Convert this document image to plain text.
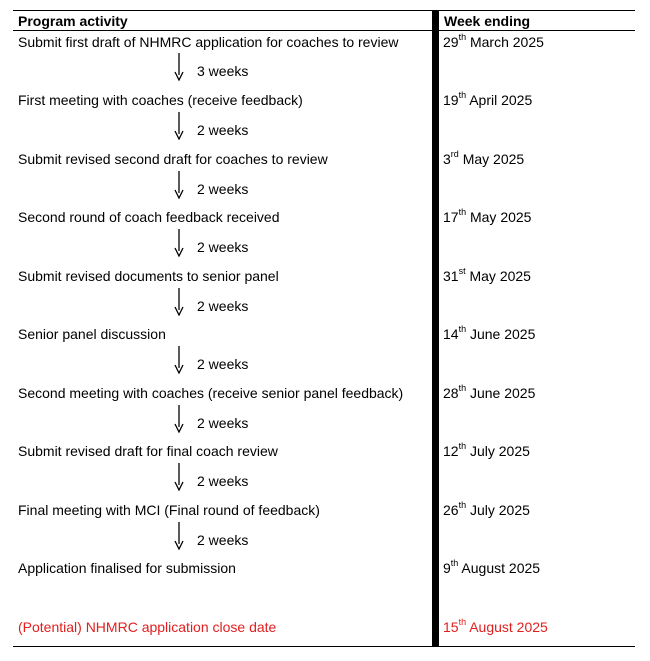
Program activity	Week ending
Submit first draft of NHMRC application for coaches to review	29th March 2025
3 weeks
First meeting with coaches (receive feedback)	19th April 2025
2 weeks
Submit revised second draft for coaches to review	3rd May 2025
2 weeks
Second round of coach feedback received	17th May 2025
2 weeks
Submit revised documents to senior panel	31st May 2025
2 weeks
Senior panel discussion	14th June 2025
2 weeks
Second meeting with coaches (receive senior panel feedback)	28th June 2025
2 weeks
Submit revised draft for final coach review	12th July 2025
2 weeks
Final meeting with MCI (Final round of feedback)	26th July 2025
2 weeks
Application finalised for submission	9th August 2025
(Potential) NHMRC application close date	15th August 2025
